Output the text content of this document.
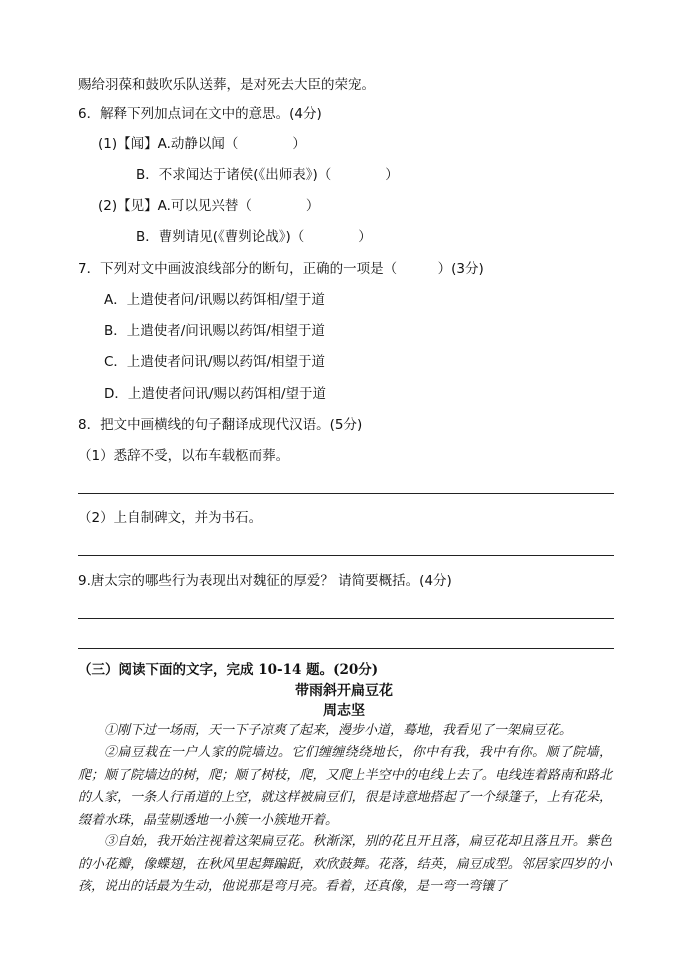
赐给羽葆和鼓吹乐队送葬，是对死去大臣的荣宠。
6．解释下列加点词在文中的意思。(4分)
(1)【闻】A.动静以闻（　　　　）
B．不求闻达于诸侯(《出师表》)（　　　　）
(2)【见】A.可以见兴替（　　　　）
B．曹刿请见(《曹刿论战》)（　　　　）
7．下列对文中画波浪线部分的断句，正确的一项是（　　　）(3分)
A．上遣使者问/讯赐以药饵相/望于道
B．上遣使者/问讯赐以药饵/相望于道
C．上遣使者问讯/赐以药饵/相望于道
D．上遣使者问讯/赐以药饵相/望于道
8．把文中画横线的句子翻译成现代汉语。(5分)
（1）悉辞不受，以布车载柩而葬。
（2）上自制碑文，并为书石。
9.唐太宗的哪些行为表现出对魏征的厚爱？ 请简要概括。(4分)
（三）阅读下面的文字，完成 10-14 题。(20分)
带雨斜开扁豆花
周志坚
①刚下过一场雨，天一下子凉爽了起来，漫步小道，蓦地，我看见了一架扁豆花。
②扁豆栽在一户人家的院墙边。它们缠缠绕绕地长，你中有我，我中有你。顺了院墙，爬；顺了院墙边的树，爬；顺了树枝，爬，又爬上半空中的电线上去了。电线连着路南和路北的人家，一条人行甬道的上空，就这样被扁豆们，很是诗意地搭起了一个绿篷子，上有花朵，缀着水珠，晶莹剔透地一小簇一小簇地开着。
③自始，我开始注视着这架扁豆花。秋渐深，别的花且开且落，扁豆花却且落且开。紫色的小花瓣，像蝶翅，在秋风里起舞蹁跹，欢欣鼓舞。花落，结英，扁豆成型。邻居家四岁的小孩，说出的话最为生动，他说那是弯月亮。看着，还真像，是一弯一弯镶了
